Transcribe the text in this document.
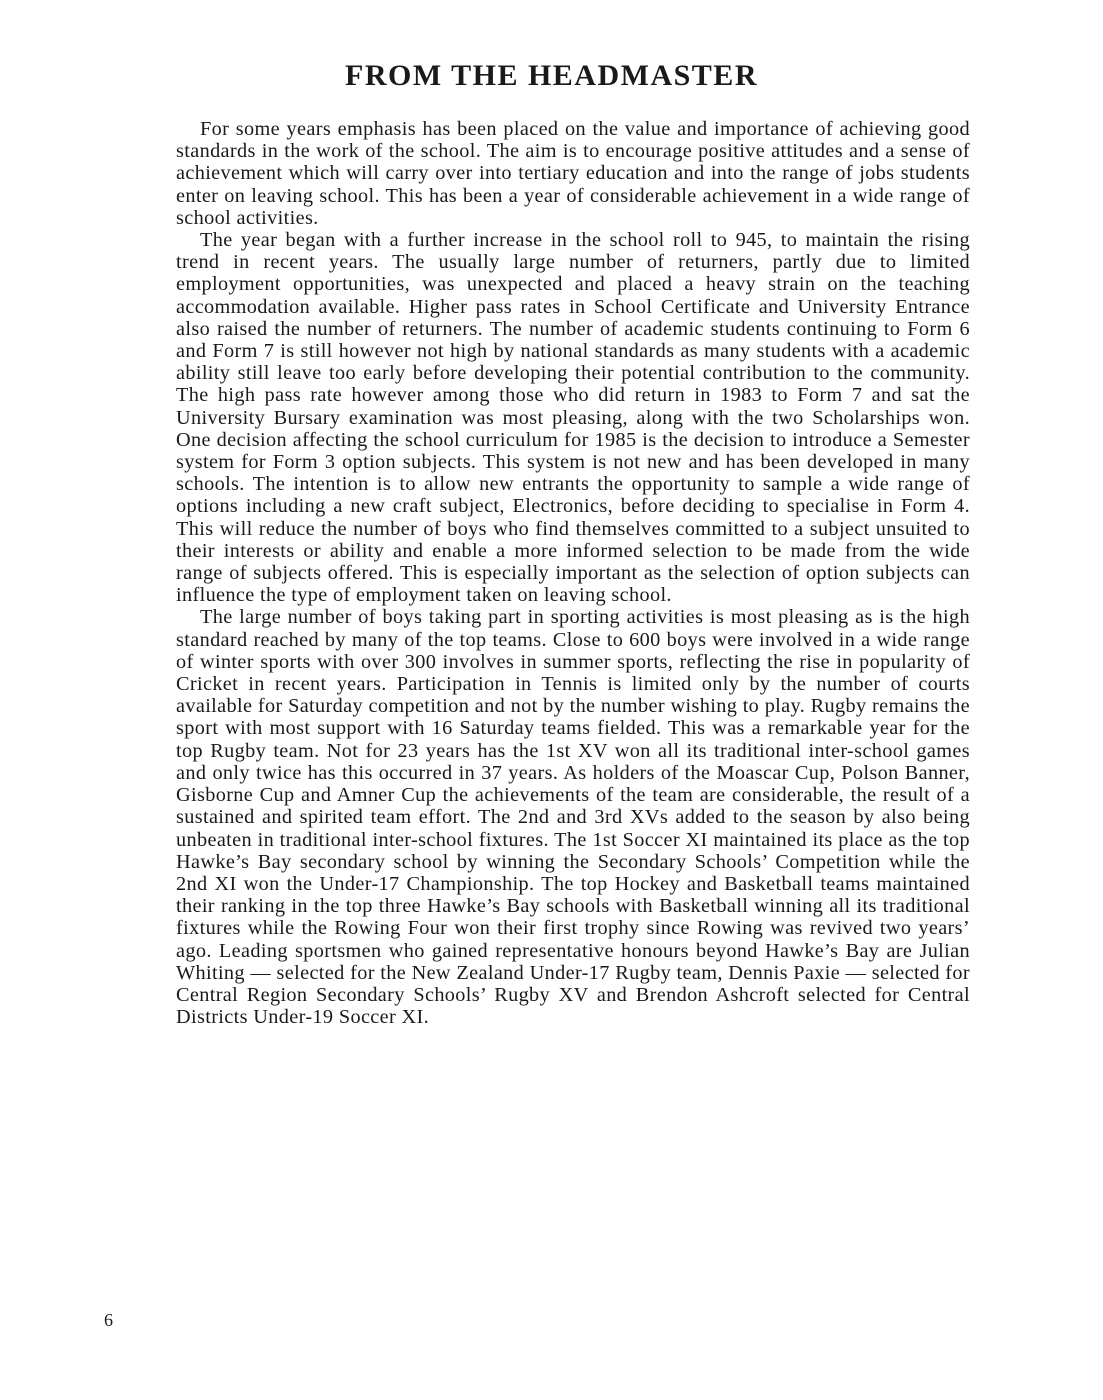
FROM THE HEADMASTER

For some years emphasis has been placed on the value and importance of achieving good standards in the work of the school. The aim is to encourage positive attitudes and a sense of achievement which will carry over into tertiary education and into the range of jobs students enter on leaving school. This has been a year of considerable achievement in a wide range of school activities.

The year began with a further increase in the school roll to 945, to maintain the rising trend in recent years. The usually large number of returners, partly due to limited employment opportunities, was unexpected and placed a heavy strain on the teaching accommodation available. Higher pass rates in School Certificate and University Entrance also raised the number of returners. The number of academic students continuing to Form 6 and Form 7 is still however not high by national standards as many students with a academic ability still leave too early before developing their potential contribution to the community. The high pass rate however among those who did return in 1983 to Form 7 and sat the University Bursary examination was most pleasing, along with the two Scholarships won. One decision affecting the school curriculum for 1985 is the decision to introduce a Semester system for Form 3 option subjects. This system is not new and has been developed in many schools. The intention is to allow new entrants the opportunity to sample a wide range of options including a new craft subject, Electronics, before deciding to specialise in Form 4. This will reduce the number of boys who find themselves committed to a subject unsuited to their interests or ability and enable a more informed selection to be made from the wide range of subjects offered. This is especially important as the selection of option subjects can influence the type of employment taken on leaving school.

The large number of boys taking part in sporting activities is most pleasing as is the high standard reached by many of the top teams. Close to 600 boys were involved in a wide range of winter sports with over 300 involves in summer sports, reflecting the rise in popularity of Cricket in recent years. Participation in Tennis is limited only by the number of courts available for Saturday competition and not by the number wishing to play. Rugby remains the sport with most support with 16 Saturday teams fielded. This was a remarkable year for the top Rugby team. Not for 23 years has the 1st XV won all its traditional inter-school games and only twice has this occurred in 37 years. As holders of the Moascar Cup, Polson Banner, Gisborne Cup and Amner Cup the achievements of the team are considerable, the result of a sustained and spirited team effort. The 2nd and 3rd XVs added to the season by also being unbeaten in traditional inter-school fixtures. The 1st Soccer XI maintained its place as the top Hawke’s Bay secondary school by winning the Secondary Schools’ Competition while the 2nd XI won the Under-17 Championship. The top Hockey and Basketball teams maintained their ranking in the top three Hawke’s Bay schools with Basketball winning all its traditional fixtures while the Rowing Four won their first trophy since Rowing was revived two years’ ago. Leading sportsmen who gained representative honours beyond Hawke’s Bay are Julian Whiting — selected for the New Zealand Under-17 Rugby team, Dennis Paxie — selected for Central Region Secondary Schools’ Rugby XV and Brendon Ashcroft selected for Central Districts Under-19 Soccer XI.

6
